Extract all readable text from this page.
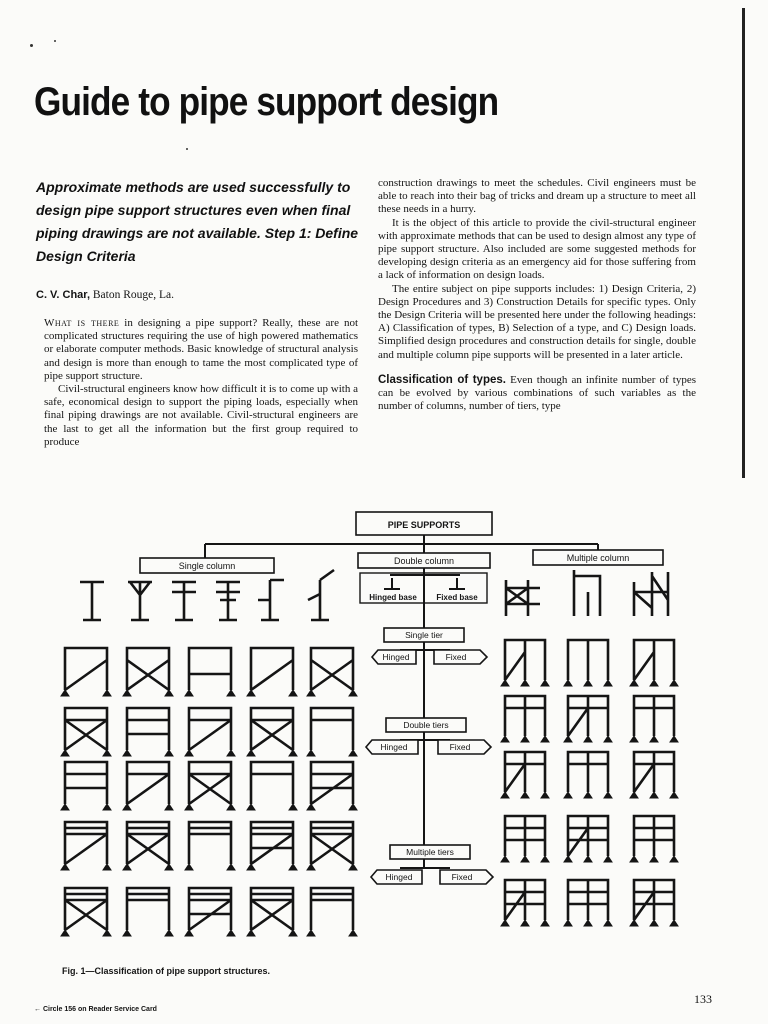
Guide to pipe support design

Approximate methods are used successfully to design pipe support structures even when final piping drawings are not available. Step 1: Define Design Criteria

C. V. Char, Baton Rouge, La.

What is there in designing a pipe support? Really, these are not complicated structures requiring the use of high powered mathematics or elaborate computer methods. Basic knowledge of structural analysis and design is more than enough to tame the most complicated type of pipe support structure.

Civil-structural engineers know how difficult it is to come up with a safe, economical design to support the piping loads, especially when final piping drawings are not available. Civil-structural engineers are the last to get all the information but the first group required to produce

construction drawings to meet the schedules. Civil engineers must be able to reach into their bag of tricks and dream up a structure to meet all these needs in a hurry.

It is the object of this article to provide the civil-structural engineer with approximate methods that can be used to design almost any type of pipe support structure. Also included are some suggested methods for developing design criteria as an emergency aid for those suffering from a lack of information on design loads.

The entire subject on pipe supports includes: 1) Design Criteria, 2) Design Procedures and 3) Construction Details for specific types. Only the Design Criteria will be presented here under the following headings: A) Classification of types, B) Selection of a type, and C) Design loads. Simplified design procedures and construction details for single, double and multiple column pipe supports will be presented in a later article.

Classification of types. Even though an infinite number of types can be evolved by various combinations of such variables as the number of columns, number of tiers, type

PIPE SUPPORTS
Single column	Double column	Multiple column
Hinged base Fixed base
Single tier
Double tiers
Multiple tiers
Hinged	Fixed
Hinged	Fixed
Hinged	Fixed

Fig. 1—Classification of pipe support structures.

← Circle 156 on Reader Service Card

133
